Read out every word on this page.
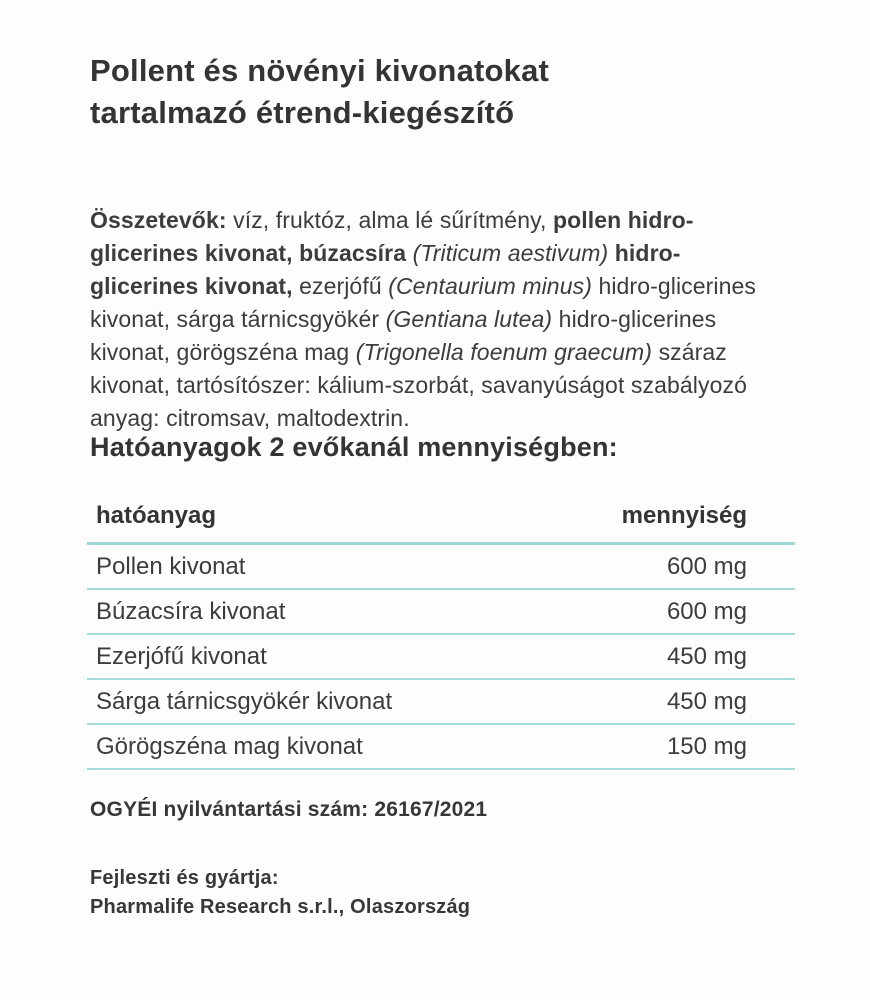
Pollent és növényi kivonatokat tartalmazó étrend-kiegészítő

Összetevők: víz, fruktóz, alma lé sűrítmény, pollen hidro-glicerines kivonat, búzacsíra (Triticum aestivum) hidro-glicerines kivonat, ezerjófű (Centaurium minus) hidro-glicerines kivonat, sárga tárnicsgyökér (Gentiana lutea) hidro-glicerines kivonat, görögszéna mag (Trigonella foenum graecum) száraz kivonat, tartósítószer: kálium-szorbát, savanyúságot szabályozó anyag: citromsav, maltodextrin.

Hatóanyagok 2 evőkanál mennyiségben:
hatóanyag	mennyiség
Pollen kivonat	600 mg
Búzacsíra kivonat	600 mg
Ezerjófű kivonat	450 mg
Sárga tárnicsgyökér kivonat	450 mg
Görögszéna mag kivonat	150 mg
OGYÉI nyilvántartási szám: 26167/2021
Fejleszti és gyártja:
Pharmalife Research s.r.l., Olaszország
